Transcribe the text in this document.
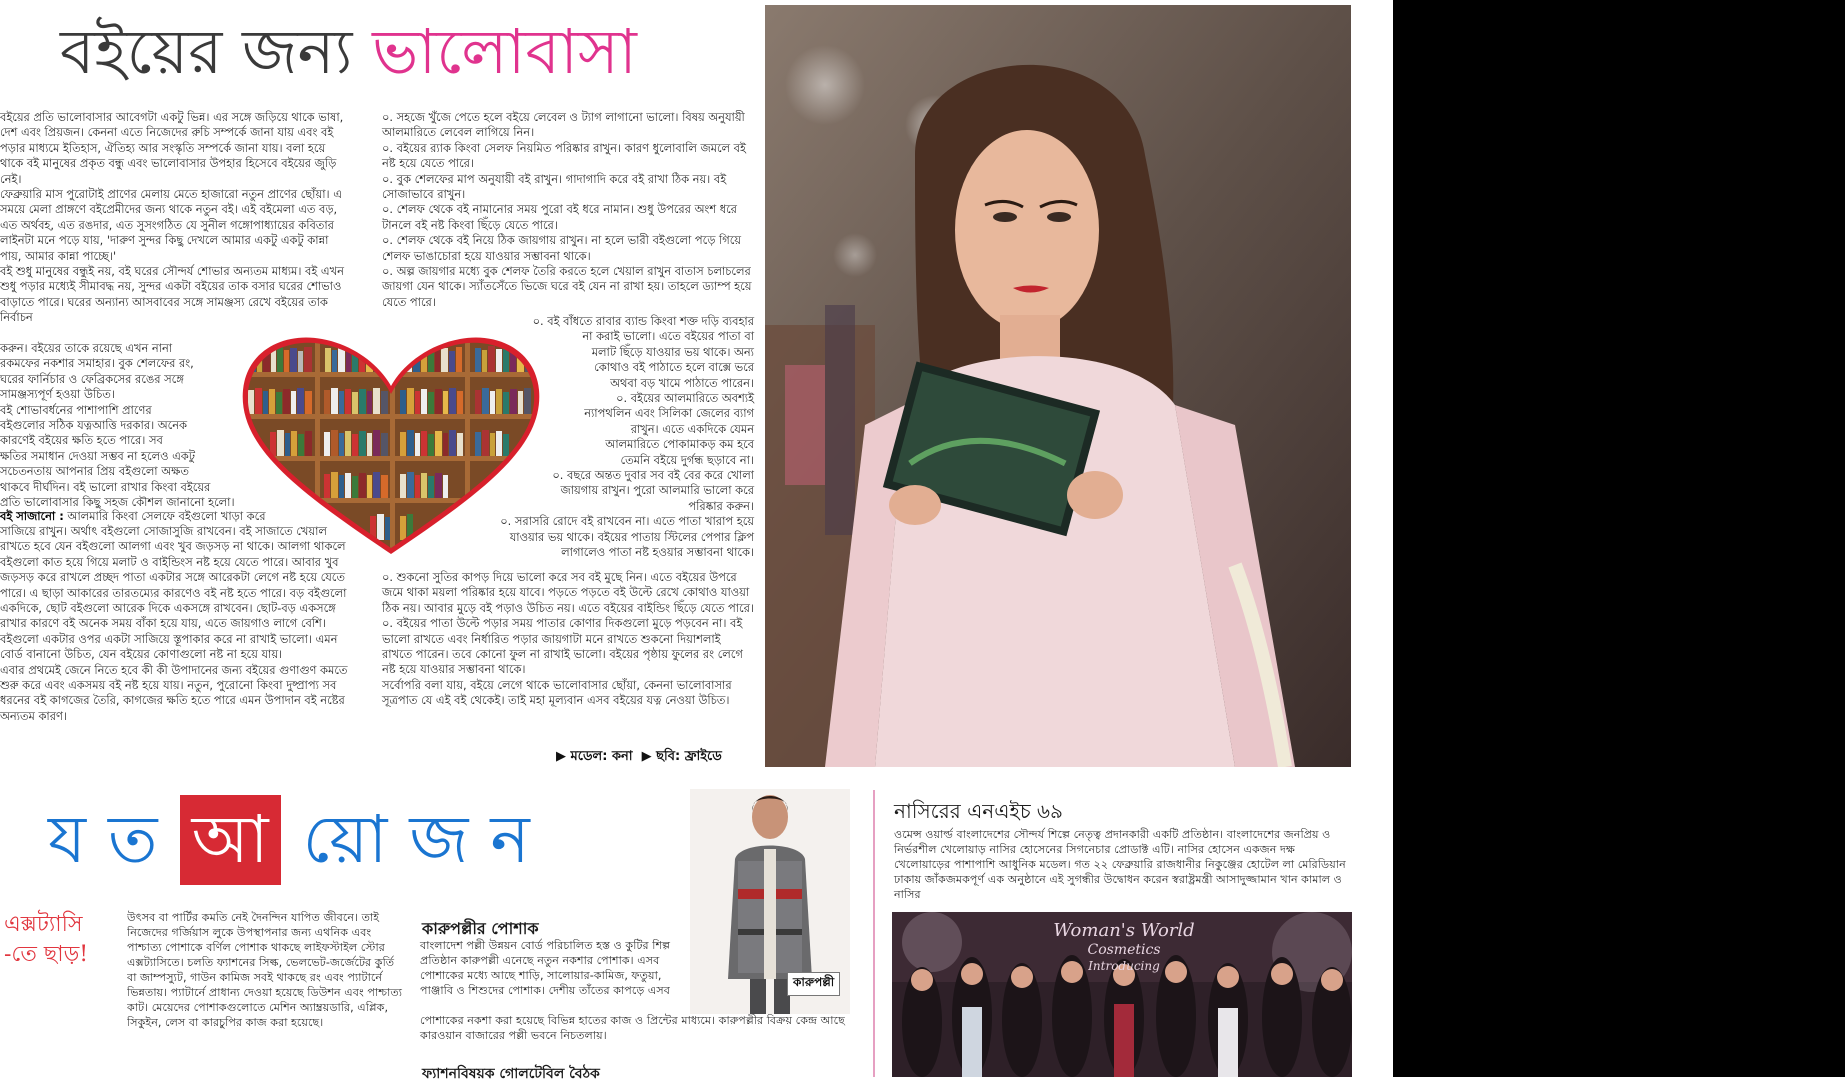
বইয়ের জন্য ভালোবাসা

বইয়ের প্রতি ভালোবাসার আবেগটা একটু ভিন্ন। এর সঙ্গে জড়িয়ে থাকে ভাষা, দেশ এবং প্রিয়জন। কেননা এতে নিজেদের রুচি সম্পর্কে জানা যায় এবং বই পড়ার মাধ্যমে ইতিহাস, ঐতিহ্য আর সংস্কৃতি সম্পর্কে জানা যায়। বলা হয়ে থাকে বই মানুষের প্রকৃত বন্ধু এবং ভালোবাসার উপহার হিসেবে বইয়ের জুড়ি নেই।
ফেব্রুয়ারি মাস পুরোটাই প্রাণের মেলায় মেতে হাজারো নতুন প্রাণের ছোঁয়া। এ সময়ে মেলা প্রাঙ্গণে বইপ্রেমীদের জন্য থাকে নতুন বই। এই বইমেলা এত বড়, এত অর্থবহ, এত রঙদার, এত সুসংগঠিত যে সুনীল গঙ্গোপাধ্যায়ের কবিতার লাইনটা মনে পড়ে যায়, 'দারুণ সুন্দর কিছু দেখলে আমার একটু একটু কান্না পায়, আমার কান্না পাচ্ছে।'
বই শুধু মানুষের বন্ধুই নয়, বই ঘরের সৌন্দর্য শোভার অন্যতম মাধ্যম। বই এখন শুধু পড়ার মধ্যেই সীমাবদ্ধ নয়, সুন্দর একটা বইয়ের তাক বসার ঘরের শোভাও বাড়াতে পারে। ঘরের অন্যান্য আসবাবের সঙ্গে সামঞ্জস্য রেখে বইয়ের তাক নির্বাচন

করুন। বইয়ের তাকে রয়েছে এখন নানা
রকমফের নকশার সমাহার। বুক শেলফের রং,
ঘরের ফার্নিচার ও ফেব্রিকসের রঙের সঙ্গে
সামঞ্জস্যপূর্ণ হওয়া উচিত।
বই শোভাবর্ধনের পাশাপাশি প্রাণের
বইগুলোর সঠিক যত্নআত্তি দরকার। অনেক
কারণেই বইয়ের ক্ষতি হতে পারে। সব
ক্ষতির সমাধান দেওয়া সম্ভব না হলেও একটু
সচেতনতায় আপনার প্রিয় বইগুলো অক্ষত
থাকবে দীর্ঘদিন। বই ভালো রাখার কিংবা বইয়ের
প্রতি ভালোবাসার কিছু সহজ কৌশল জানানো হলো।

বই সাজানো : আলমারি কিংবা সেলফে বইগুলো খাড়া করে

সাজিয়ে রাখুন। অর্থাৎ বইগুলো সোজাসুজি রাখবেন। বই সাজাতে খেয়াল রাখতে হবে যেন বইগুলো আলগা এবং খুব জড়সড় না থাকে। আলগা থাকলে বইগুলো কাত হয়ে গিয়ে মলাট ও বাইন্ডিংস নষ্ট হয়ে যেতে পারে। আবার খুব জড়সড় করে রাখলে প্রচ্ছদ পাতা একটার সঙ্গে আরেকটা লেগে নষ্ট হয়ে যেতে পারে। এ ছাড়া আকারের তারতম্যের কারণেও বই নষ্ট হতে পারে। বড় বইগুলো একদিকে, ছোট বইগুলো আরেক দিকে একসঙ্গে রাখবেন। ছোট-বড় একসঙ্গে রাখার কারণে বই অনেক সময় বাঁকা হয়ে যায়, এতে জায়গাও লাগে বেশি। বইগুলো একটার ওপর একটা সাজিয়ে স্তূপাকার করে না রাখাই ভালো। এমন বোর্ড বানানো উচিত, যেন বইয়ের কোণাগুলো নষ্ট না হয়ে যায়।
এবার প্রথমেই জেনে নিতে হবে কী কী উপাদানের জন্য বইয়ের গুণাগুণ কমতে শুরু করে এবং একসময় বই নষ্ট হয়ে যায়। নতুন, পুরোনো কিংবা দুষ্প্রাপ্য সব ধরনের বই কাগজের তৈরি, কাগজের ক্ষতি হতে পারে এমন উপাদান বই নষ্টের অন্যতম কারণ।

০. সহজে খুঁজে পেতে হলে বইয়ে লেবেল ও ট্যাগ লাগানো ভালো। বিষয় অনুযায়ী আলমারিতে লেবেল লাগিয়ে নিন।
০. বইয়ের র‍্যাক কিংবা সেলফ নিয়মিত পরিষ্কার রাখুন। কারণ ধুলোবালি জমলে বই নষ্ট হয়ে যেতে পারে।
০. বুক শেলফের মাপ অনুযায়ী বই রাখুন। গাদাগাদি করে বই রাখা ঠিক নয়। বই সোজাভাবে রাখুন।
০. শেলফ থেকে বই নামানোর সময় পুরো বই ধরে নামান। শুধু উপরের অংশ ধরে টানলে বই নষ্ট কিংবা ছিঁড়ে যেতে পারে।
০. শেলফ থেকে বই নিয়ে ঠিক জায়গায় রাখুন। না হলে ভারী বইগুলো পড়ে গিয়ে শেলফ ভাঙাচোরা হয়ে যাওয়ার সম্ভাবনা থাকে।
০. অল্প জায়গার মধ্যে বুক শেলফ তৈরি করতে হলে খেয়াল রাখুন বাতাস চলাচলের জায়গা যেন থাকে। স্যাঁতসেঁতে ভিজে ঘরে বই যেন না রাখা হয়। তাহলে ড্যাম্প হয়ে যেতে পারে।

০. বই বাঁধতে রাবার ব্যান্ড কিংবা শক্ত দড়ি ব্যবহার
না করাই ভালো। এতে বইয়ের পাতা বা
মলাট ছিঁড়ে যাওয়ার ভয় থাকে। অন্য
কোথাও বই পাঠাতে হলে বাক্সে ভরে
অথবা বড় খামে পাঠাতে পারেন।
০. বইয়ের আলমারিতে অবশ্যই
ন্যাপথলিন এবং সিলিকা জেলের ব্যাগ
রাখুন। এতে একদিকে যেমন
আলমারিতে পোকামাকড় কম হবে
তেমনি বইয়ে দুর্গন্ধ ছড়াবে না।
০. বছরে অন্তত দুবার সব বই বের করে খোলা
জায়গায় রাখুন। পুরো আলমারি ভালো করে
পরিষ্কার করুন।
০. সরাসরি রোদে বই রাখবেন না। এতে পাতা খারাপ হয়ে
যাওয়ার ভয় থাকে। বইয়ের পাতায় স্টিলের পেপার ক্লিপ
লাগালেও পাতা নষ্ট হওয়ার সম্ভাবনা থাকে।

০. শুকনো সুতির কাপড় দিয়ে ভালো করে সব বই মুছে নিন। এতে বইয়ের উপরে জমে থাকা ময়লা পরিষ্কার হয়ে যাবে। পড়তে পড়তে বই উল্টে রেখে কোথাও যাওয়া ঠিক নয়। আবার মুড়ে বই পড়াও উচিত নয়। এতে বইয়ের বাইন্ডিং ছিঁড়ে যেতে পারে।
০. বইয়ের পাতা উল্টে পড়ার সময় পাতার কোণার দিকগুলো মুড়ে পড়বেন না। বই ভালো রাখতে এবং নির্ধারিত পড়ার জায়গাটা মনে রাখতে শুকনো দিয়াশলাই রাখতে পারেন। তবে কোনো ফুল না রাখাই ভালো। বইয়ের পৃষ্ঠায় ফুলের রং লেগে নষ্ট হয়ে যাওয়ার সম্ভাবনা থাকে।
সর্বোপরি বলা যায়, বইয়ে লেগে থাকে ভালোবাসার ছোঁয়া, কেননা ভালোবাসার সূত্রপাত যে এই বই থেকেই। তাই মহা মূল্যবান এসব বইয়ের যত্ন নেওয়া উচিত।

▶ মডেল: কনা  ▶ ছবি: ফ্রাইডে
য ত আ য়ো জ ন
এক্সট্যাসি
-তে ছাড়!

উৎসব বা পার্টির কমতি নেই দৈনন্দিন যাপিত জীবনে। তাই নিজেদের গর্জিয়াস লুকে উপস্থাপনার জন্য এথনিক এবং পাশ্চাত্য পোশাকে বর্ণিল পোশাক থাকছে লাইফস্টাইল স্টোর এক্সট্যাসিতে। চলতি ফ্যাশনের সিল্ক, ভেলভেট-জর্জেটের কুর্তি বা জাম্পস্যুট, গাউন কামিজ সবই থাকছে রং এবং প্যাটার্নে ভিন্নতায়। প্যাটার্নে প্রাধান্য দেওয়া হয়েছে ডিউশন এবং পাশ্চাত্য কাট। মেয়েদের পোশাকগুলোতে মেশিন অ্যাম্ব্রয়ডারি, এপ্লিক, সিকুইন, লেস বা কারচুপির কাজ করা হয়েছে।

কারুপল্লীর পোশাক

বাংলাদেশ পল্লী উন্নয়ন বোর্ড পরিচালিত হস্ত ও কুটির শিল্প প্রতিষ্ঠান কারুপল্লী এনেছে নতুন নকশার পোশাক। এসব পোশাকের মধ্যে আছে শাড়ি, সালোয়ার-কামিজ, ফতুয়া, পাঞ্জাবি ও শিশুদের পোশাক। দেশীয় তাঁতের কাপড়ে এসব

পোশাকের নকশা করা হয়েছে বিভিন্ন হাতের কাজ ও প্রিন্টের মাধ্যমে। কারুপল্লীর বিক্রয় কেন্দ্র আছে কারওয়ান বাজারের পল্লী ভবনে নিচতলায়।

ফ্যাশনবিষয়ক গোলটেবিল বৈঠক
কারুপল্লী
নাসিরের এনএইচ ৬৯

ওমেন্স ওয়ার্ল্ড বাংলাদেশের সৌন্দর্য শিল্পে নেতৃত্ব প্রদানকারী একটি প্রতিষ্ঠান। বাংলাদেশের জনপ্রিয় ও নির্ভরশীল খেলোয়াড় নাসির হোসেনের সিগনেচার প্রোডাক্ট এটি। নাসির হোসেন একজন দক্ষ খেলোয়াড়ের পাশাপাশি আধুনিক মডেল। গত ২২ ফেব্রুয়ারি রাজধানীর নিকুঞ্জের হোটেল লা মেরিডিয়ান ঢাকায় জাঁকজমকপূর্ণ এক অনুষ্ঠানে এই সুগন্ধীর উদ্বোধন করেন স্বরাষ্ট্রমন্ত্রী আসাদুজ্জামান খান কামাল ও নাসির

Woman's World
Cosmetics
Introducing
